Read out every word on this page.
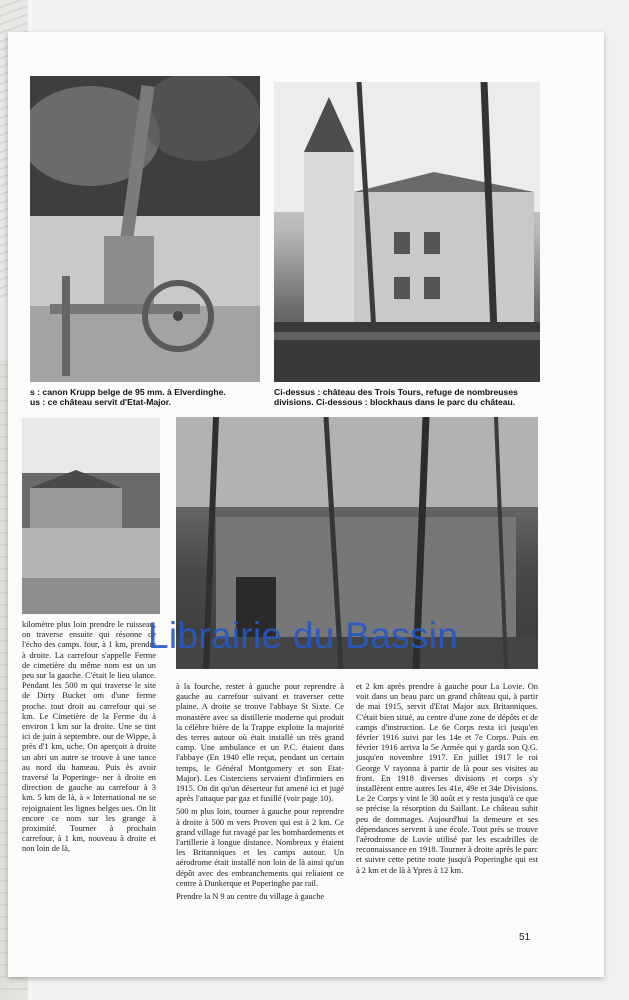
s : canon Krupp belge de 95 mm. à Elverdinghe.
us : ce château servit d'Etat-Major.
Ci-dessus : château des Trois Tours, refuge de nombreuses
divisions. Ci-dessous : blockhaus dans le parc du château.

kilomètre plus loin prendre le ruisseau, on traverse ensuite qui résonne de l'écho des camps. four, à 1 km, prendre à droite. La carrefour s'appelle Ferme de cimetière du même nom est un un peu sur la gauche. C'était le lieu ulance. Pendant les 500 m qui traverse le site de Dirty Bucket om d'une ferme proche. tout droit au carrefour qui se km. Le Cimetière de la Ferme du à environ 1 km sur la droite. Une se tint ici de juin à septembre. our de Wippe, à près d'1 km, uche. On aperçoit à droite un abri un autre se trouve à une tance au nord du hameau. Puis ès avoir traversé la Poperinge- ner à droite en direction de gauche au carrefour à 3 km. 5 km de là, à « International ne se rejoignaient les lignes belges ues. On lit encore ce nom sur les grange à proximité. Tourner à prochain carrefour, à 1 km, nouveau à droite et non loin de là,

à la fourche, rester à gauche pour reprendre à gauche au carrefour suivant et traverser cette plaine. A droite se trouve l'abbaye St Sixte. Ce monastère avec sa distillerie moderne qui produit la célèbre bière de la Trappe exploite la majorité des terres autour où était installé un très grand camp. Une ambulance et un P.C. étaient dans l'abbaye (En 1940 elle reçut, pendant un certain temps, le Général Montgomery et son Etat-Major). Les Cisterciens servaient d'infirmiers en 1915. On dit qu'un déserteur fut amené ici et jugé après l'attaque par gaz et fusillé (voir page 10).

500 m plus loin, tourner à gauche pour reprendre à droite à 500 m vers Proven qui est à 2 km. Ce grand village fut ravagé par les bombardements et l'artillerie à longue distance. Nombreux y étaient les Britanniques et les camps autour. Un aérodrome était installé non loin de là ainsi qu'un dépôt avec des embranchements qui reliaient ce centre à Dunkerque et Poperinghe par rail.

Prendre la N 9 au centre du village à gauche

et 2 km après prendre à gauche pour La Lovie. On voit dans un beau parc un grand château qui, à partir de mai 1915, servit d'Etat Major aux Britanniques. C'était bien situé, au centre d'une zone de dépôts et de camps d'instruction. Le 6e Corps resta ici jusqu'en février 1916 suivi par les 14e et 7e Corps. Puis en février 1916 arriva la 5e Armée qui y garda son Q.G. jusqu'en novembre 1917. En juillet 1917 le roi George V rayonna à partir de là pour ses visites au front. En 1918 diverses divisions et corps s'y installèrent entre autres les 41e, 49e et 34e Divisions. Le 2e Corps y vint le 30 août et y resta jusqu'à ce que se précise la résorption du Saillant. Le château subit peu de dommages. Aujourd'hui la demeure et ses dépendances servent à une école. Tout près se trouve l'aérodrome de Lovie utilisé par les escadrilles de reconnaissance en 1918. Tourner à droite après le parc et suivre cette petite route jusqu'à Poperinghe qui est à 2 km et de là à Ypres à 12 km.

Librairie du Bassin
51
